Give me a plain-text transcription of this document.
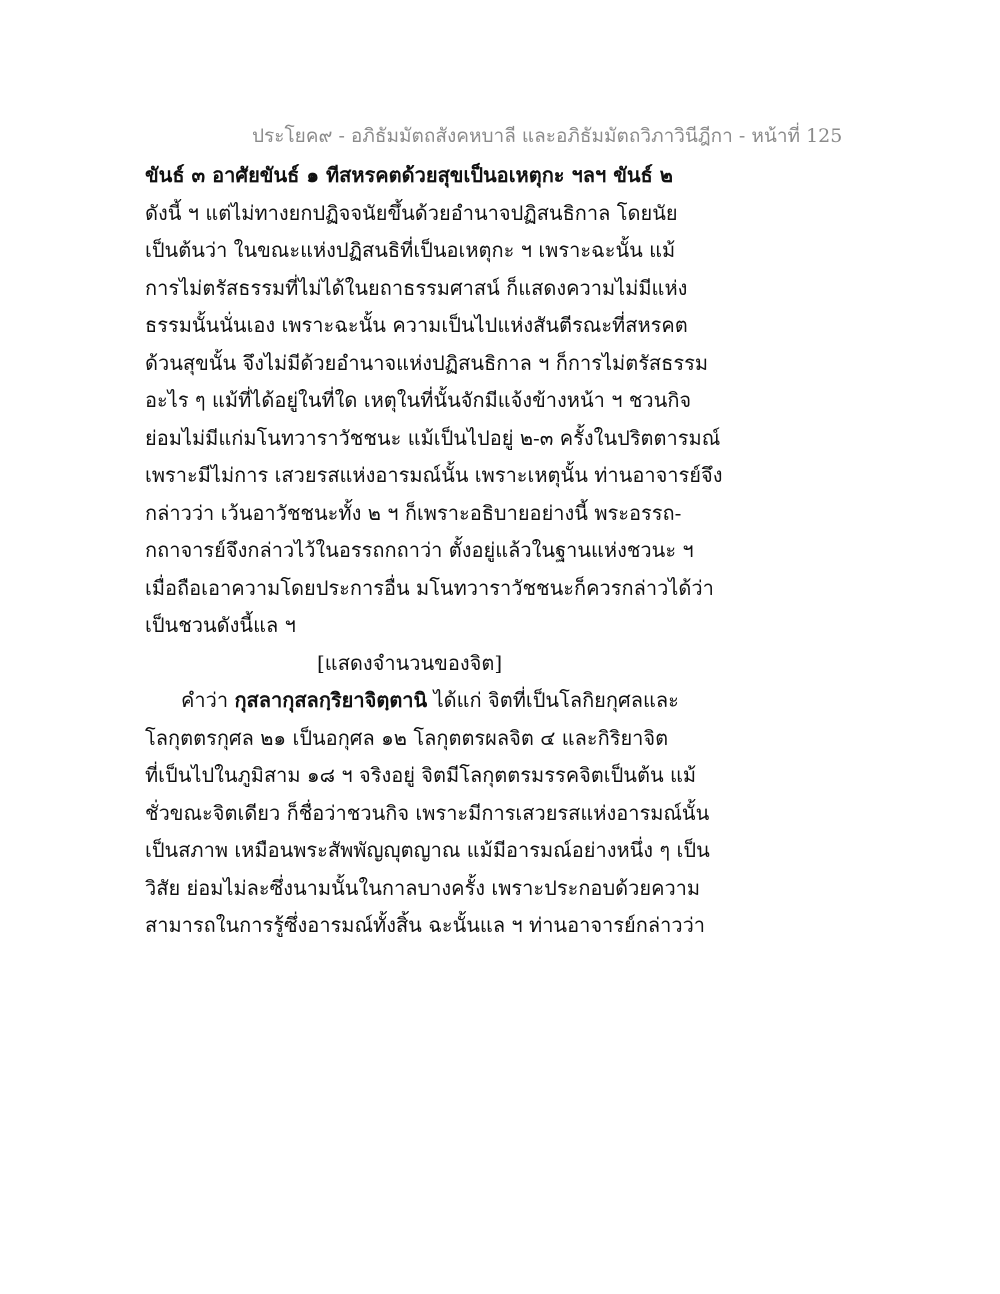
ประโยค๙ - อภิธัมมัตถสังคหบาลี และอภิธัมมัตถวิภาวินีฎีกา - หน้าที่ 125
ขันธ์ ๓ อาศัยขันธ์ ๑ ทีสหรคตด้วยสุขเป็นอเหตุกะ ฯลฯ ขันธ์ ๒
ดังนี้ ฯ แต่ไม่ทางยกปฏิจจนัยขึ้นด้วยอำนาจปฏิสนธิกาล โดยนัย
เป็นต้นว่า ในขณะแห่งปฏิสนธิที่เป็นอเหตุกะ ฯ เพราะฉะนั้น แม้
การไม่ตรัสธรรมที่ไม่ได้ในยถาธรรมศาสน์ ก็แสดงความไม่มีแห่ง
ธรรมนั้นนั่นเอง เพราะฉะนั้น ความเป็นไปแห่งสันตีรณะที่สหรคต
ด้วนสุขนั้น จึงไม่มีด้วยอำนาจแห่งปฏิสนธิกาล ฯ ก็การไม่ตรัสธรรม
อะไร ๆ แม้ที่ได้อยู่ในที่ใด เหตุในที่นั้นจักมีแจ้งข้างหน้า ฯ ชวนกิจ
ย่อมไม่มีแก่มโนทวาราวัชชนะ แม้เป็นไปอยู่ ๒-๓ ครั้งในปริตตารมณ์
เพราะมีไม่การ เสวยรสแห่งอารมณ์นั้น เพราะเหตุนั้น ท่านอาจารย์จึง
กล่าวว่า เว้นอาวัชชนะทั้ง ๒ ฯ ก็เพราะอธิบายอย่างนี้ พระอรรถ-
กถาจารย์จึงกล่าวไว้ในอรรถกถาว่า ตั้งอยู่แล้วในฐานแห่งชวนะ ฯ
เมื่อถือเอาความโดยประการอื่น มโนทวาราวัชชนะก็ควรกล่าวได้ว่า
เป็นชวนดังนี้แล ฯ
[แสดงจำนวนของจิต]
คำว่า กุสลากุสลกฺริยาจิตฺตานิ ได้แก่ จิตที่เป็นโลกิยกุศลและ
โลกุตตรกุศล ๒๑ เป็นอกุศล ๑๒ โลกุตตรผลจิต ๔ และกิริยาจิต
ที่เป็นไปในภูมิสาม ๑๘ ฯ จริงอยู่ จิตมีโลกุตตรมรรคจิตเป็นต้น แม้
ชั่วขณะจิตเดียว ก็ชื่อว่าชวนกิจ เพราะมีการเสวยรสแห่งอารมณ์นั้น
เป็นสภาพ เหมือนพระสัพพัญญุตญาณ แม้มีอารมณ์อย่างหนึ่ง ๆ เป็น
วิสัย ย่อมไม่ละซึ่งนามนั้นในกาลบางครั้ง เพราะประกอบด้วยความ
สามารถในการรู้ซึ่งอารมณ์ทั้งสิ้น ฉะนั้นแล ฯ ท่านอาจารย์กล่าวว่า
